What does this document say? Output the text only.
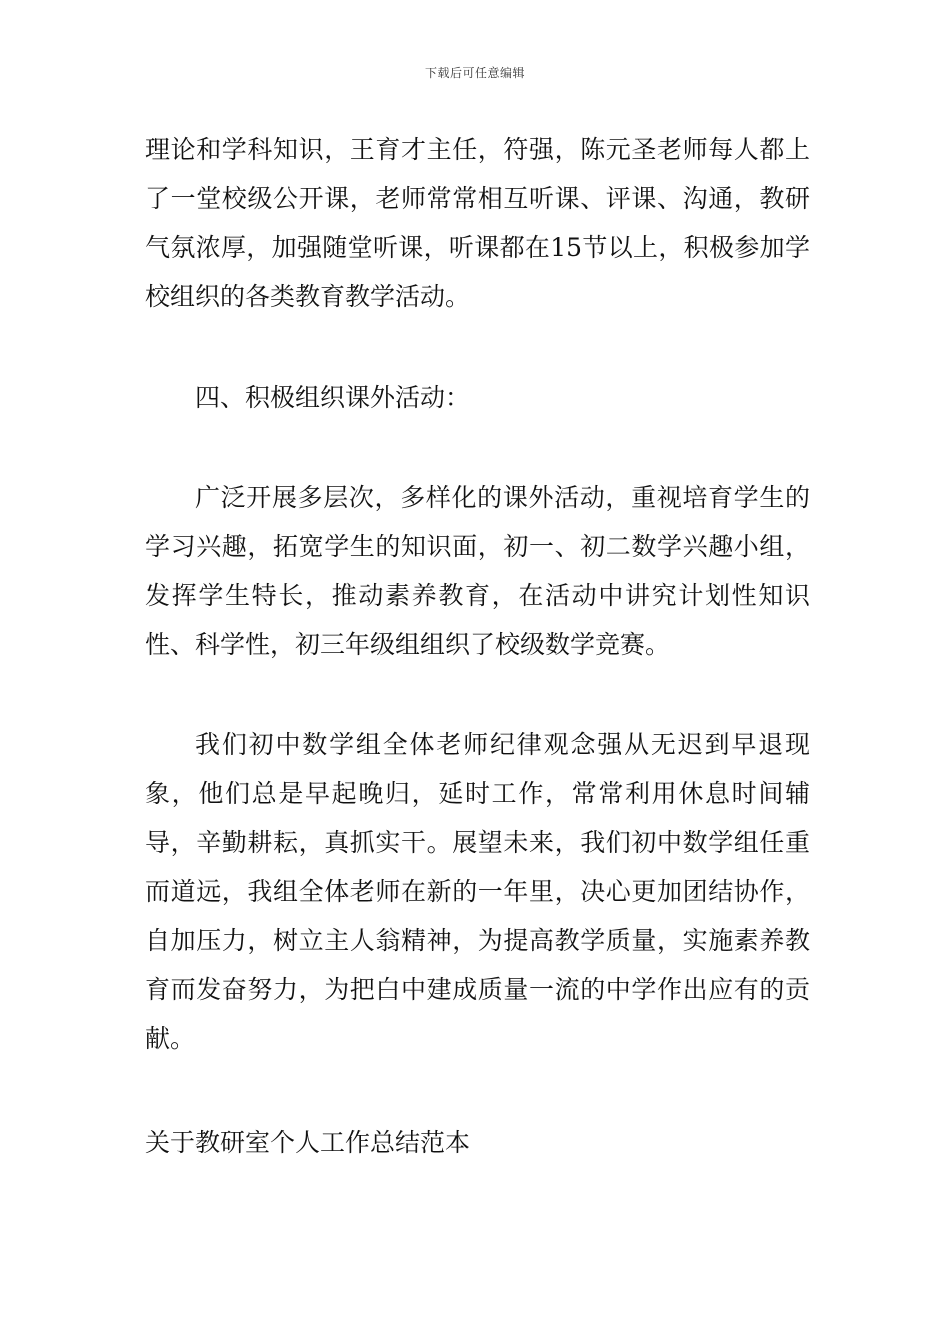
下载后可任意编辑
理论和学科知识，王育才主任，符强，陈元圣老师每人都上了一堂校级公开课，老师常常相互听课、评课、沟通，教研气氛浓厚，加强随堂听课，听课都在15节以上，积极参加学校组织的各类教育教学活动。
四、积极组织课外活动：
广泛开展多层次，多样化的课外活动，重视培育学生的学习兴趣，拓宽学生的知识面，初一、初二数学兴趣小组，发挥学生特长，推动素养教育，在活动中讲究计划性知识性、科学性，初三年级组组织了校级数学竞赛。
我们初中数学组全体老师纪律观念强从无迟到早退现象，他们总是早起晚归，延时工作，常常利用休息时间辅导，辛勤耕耘，真抓实干。展望未来，我们初中数学组任重而道远，我组全体老师在新的一年里，决心更加团结协作，自加压力，树立主人翁精神，为提高教学质量，实施素养教育而发奋努力，为把白中建成质量一流的中学作出应有的贡献。
关于教研室个人工作总结范本
